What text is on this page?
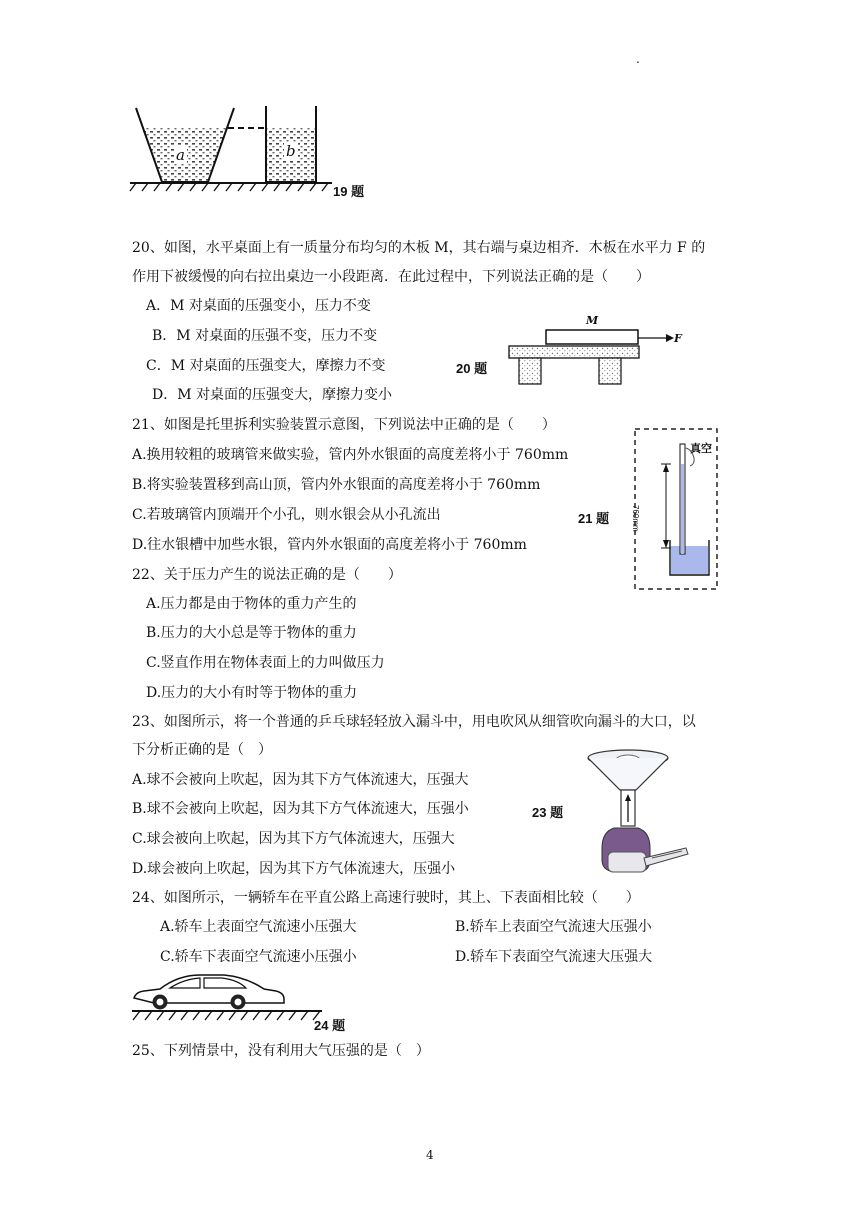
.
a	b
19 题
20、如图，水平桌面上有一质量分布均匀的木板 M，其右端与桌边相齐．木板在水平力 F 的
作用下被缓慢的向右拉出桌边一小段距离．在此过程中，下列说法正确的是（　　）
A．M 对桌面的压强变小，压力不变
B．M 对桌面的压强不变，压力不变
C．M 对桌面的压强变大，摩擦力不变
D．M 对桌面的压强变大，摩擦力变小
M
F
20 题
21、如图是托里拆利实验装置示意图，下列说法中正确的是（　　）
A.换用较粗的玻璃管来做实验，管内外水银面的高度差将小于 760mm
B.将实验装置移到高山顶，管内外水银面的高度差将小于 760mm
C.若玻璃管内顶端开个小孔，则水银会从小孔流出
D.往水银槽中加些水银，管内外水银面的高度差将小于 760mm
21 题
真空
760mm
22、关于压力产生的说法正确的是（　　）
A.压力都是由于物体的重力产生的
B.压力的大小总是等于物体的重力
C.竖直作用在物体表面上的力叫做压力
D.压力的大小有时等于物体的重力
23、如图所示，将一个普通的乒乓球轻轻放入漏斗中，用电吹风从细管吹向漏斗的大口，以
下分析正确的是（　）
A.球不会被向上吹起，因为其下方气体流速大，压强大
B.球不会被向上吹起，因为其下方气体流速大，压强小
C.球会被向上吹起，因为其下方气体流速大，压强大
D.球会被向上吹起，因为其下方气体流速大，压强小
23 题
24、如图所示，一辆轿车在平直公路上高速行驶时，其上、下表面相比较（　　）
A.轿车上表面空气流速小压强大	B.轿车上表面空气流速大压强小
C.轿车下表面空气流速小压强小	D.轿车下表面空气流速大压强大
24 题
25、下列情景中，没有利用大气压强的是（　）
4
